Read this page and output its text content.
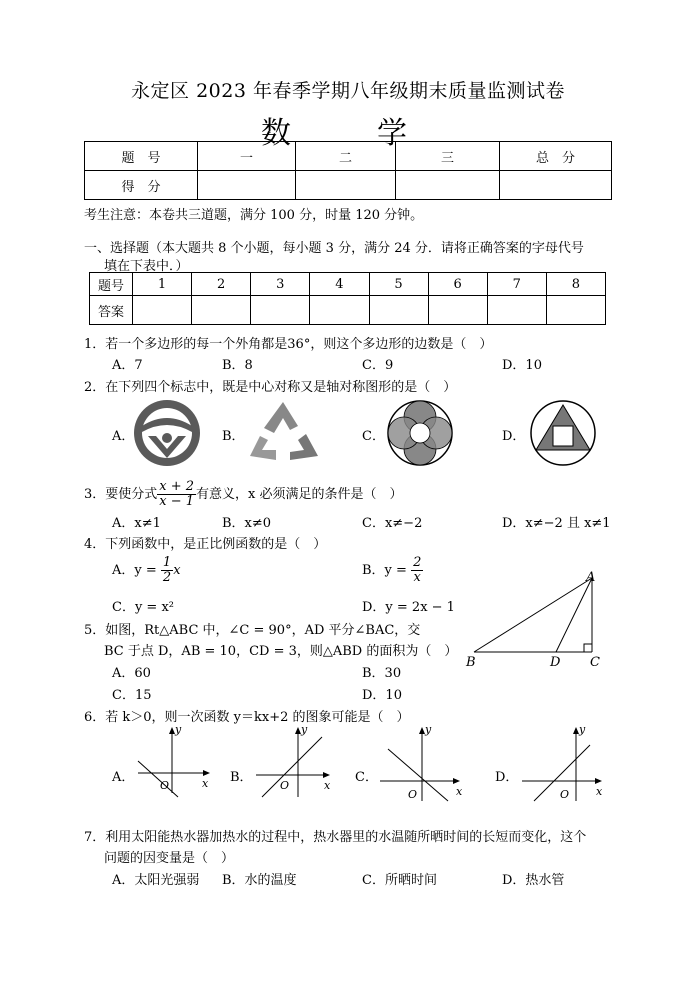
永定区 2023 年春季学期八年级期末质量监测试卷
数　学
题　号	一	二	三	总　分
得　分				
考生注意：本卷共三道题，满分 100 分，时量 120 分钟。
一、选择题（本大题共 8 个小题，每小题 3 分，满分 24 分．请将正确答案的字母代号
填在下表中．）
题号	1	2	3	4	5	6	7	8
答案								
1．若一个多边形的每一个外角都是36°，则这个多边形的边数是（　）
A．7	B．8	C．9	D．10
2．在下列四个标志中，既是中心对称又是轴对称图形的是（　）
A．	B．	C．	D．
3．要使分式 $\frac{x + 2}{x - 1}$ 有意义，x 必须满足的条件是（　）
A．x≠1	B．x≠0	C．x≠−2	D．x≠−2 且 x≠1
4．下列函数中，是正比例函数的是（　）
A．$y = \frac{1}{2}$ x	B．$y = \frac{2}{x}$
C．y = x²	D．y = 2x − 1
5．如图，Rt△ABC 中，∠C = 90°，AD 平分∠BAC，交
BC 于点 D，AB = 10，CD = 3，则△ABD 的面积为（　）
A．60	B．30
C．15	D．10
A
B	D C
6．若 k＞0，则一次函数 y＝kx+2 的图象可能是（　）
A．	B．	C．	D．
y
x
O
y
x
O
y
x
O
y
x
O
7．利用太阳能热水器加热水的过程中，热水器里的水温随所晒时间的长短而变化，这个
问题的因变量是（　）
A．太阳光强弱 B．水的温度	C．所晒时间	D．热水管
